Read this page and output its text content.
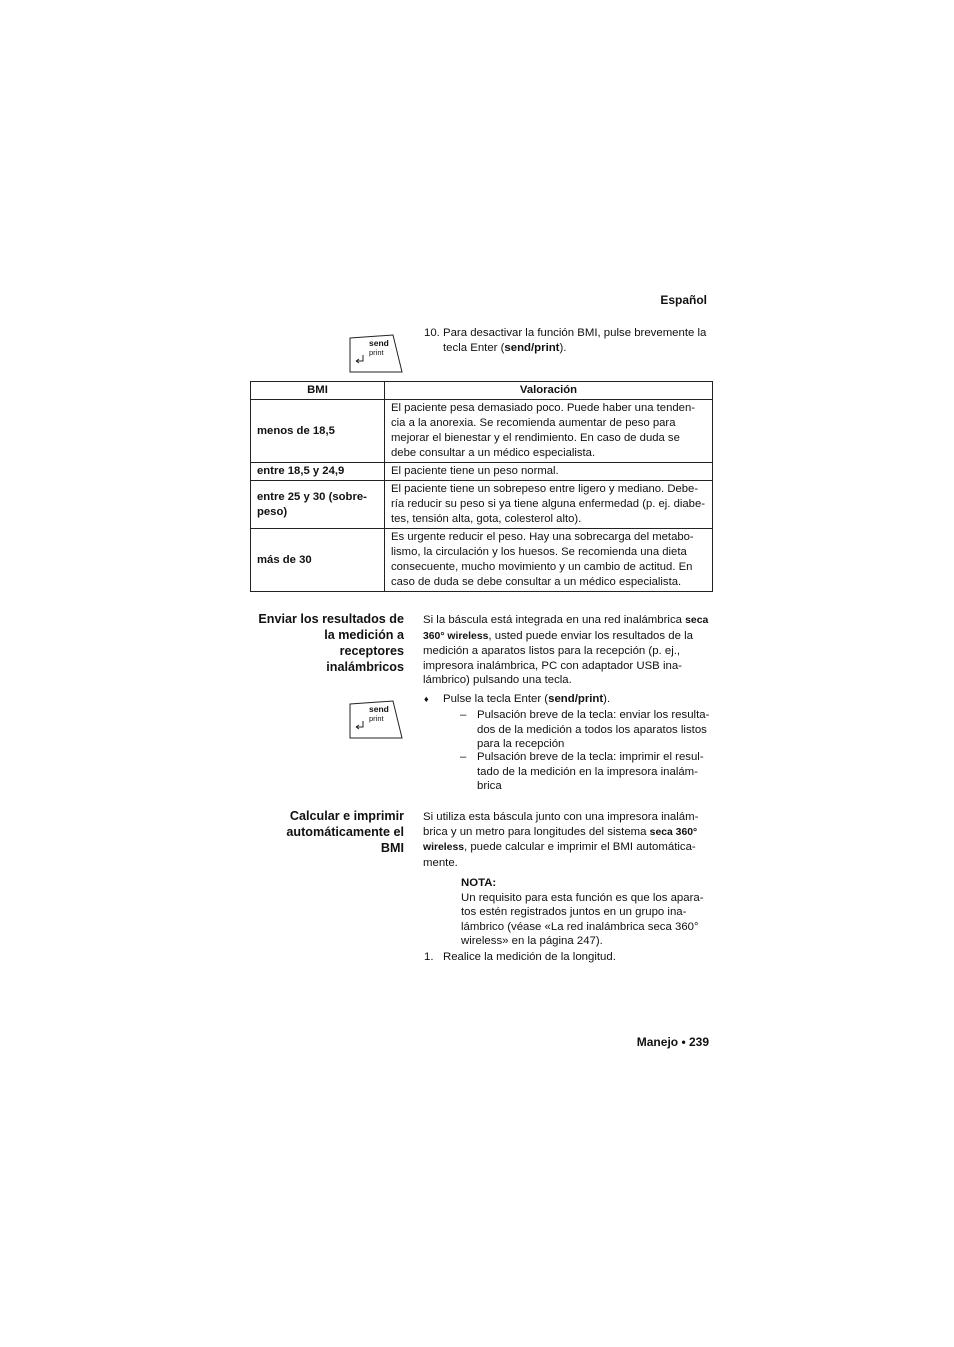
Español
send
print
10. Para desactivar la función BMI, pulse brevemente la tecla Enter (send/print).
BMI	Valoración
menos de 18,5	El paciente pesa demasiado poco. Puede haber una tenden- cia a la anorexia. Se recomienda aumentar de peso para mejorar el bienestar y el rendimiento. En caso de duda se debe consultar a un médico especialista.
entre 18,5 y 24,9	El paciente tiene un peso normal.
entre 25 y 30 (sobre- peso)	El paciente tiene un sobrepeso entre ligero y mediano. Debe- ría reducir su peso si ya tiene alguna enfermedad (p. ej. diabe- tes, tensión alta, gota, colesterol alto).
más de 30	Es urgente reducir el peso. Hay una sobrecarga del metabo- lismo, la circulación y los huesos. Se recomienda una dieta consecuente, mucho movimiento y un cambio de actitud. En caso de duda se debe consultar a un médico especialista.
Enviar los resultados de
la medición a
receptores
inalámbricos
Si la báscula está integrada en una red inalámbrica seca 360° wireless, usted puede enviar los resultados de la medición a aparatos listos para la recepción (p. ej., impresora inalámbrica, PC con adaptador USB ina- lámbrico) pulsando una tecla.
send
print
♦ Pulse la tecla Enter (send/print).
– Pulsación breve de la tecla: enviar los resulta- dos de la medición a todos los aparatos listos para la recepción
– Pulsación breve de la tecla: imprimir el resul- tado de la medición en la impresora inalám- brica
Calcular e imprimir
automáticamente el
BMI
Si utiliza esta báscula junto con una impresora inalám- brica y un metro para longitudes del sistema seca 360° wireless, puede calcular e imprimir el BMI automática- mente.
NOTA:
Un requisito para esta función es que los apara- tos estén registrados juntos en un grupo ina- lámbrico (véase «La red inalámbrica seca 360° wireless» en la página 247).
1. Realice la medición de la longitud.
Manejo • 239
